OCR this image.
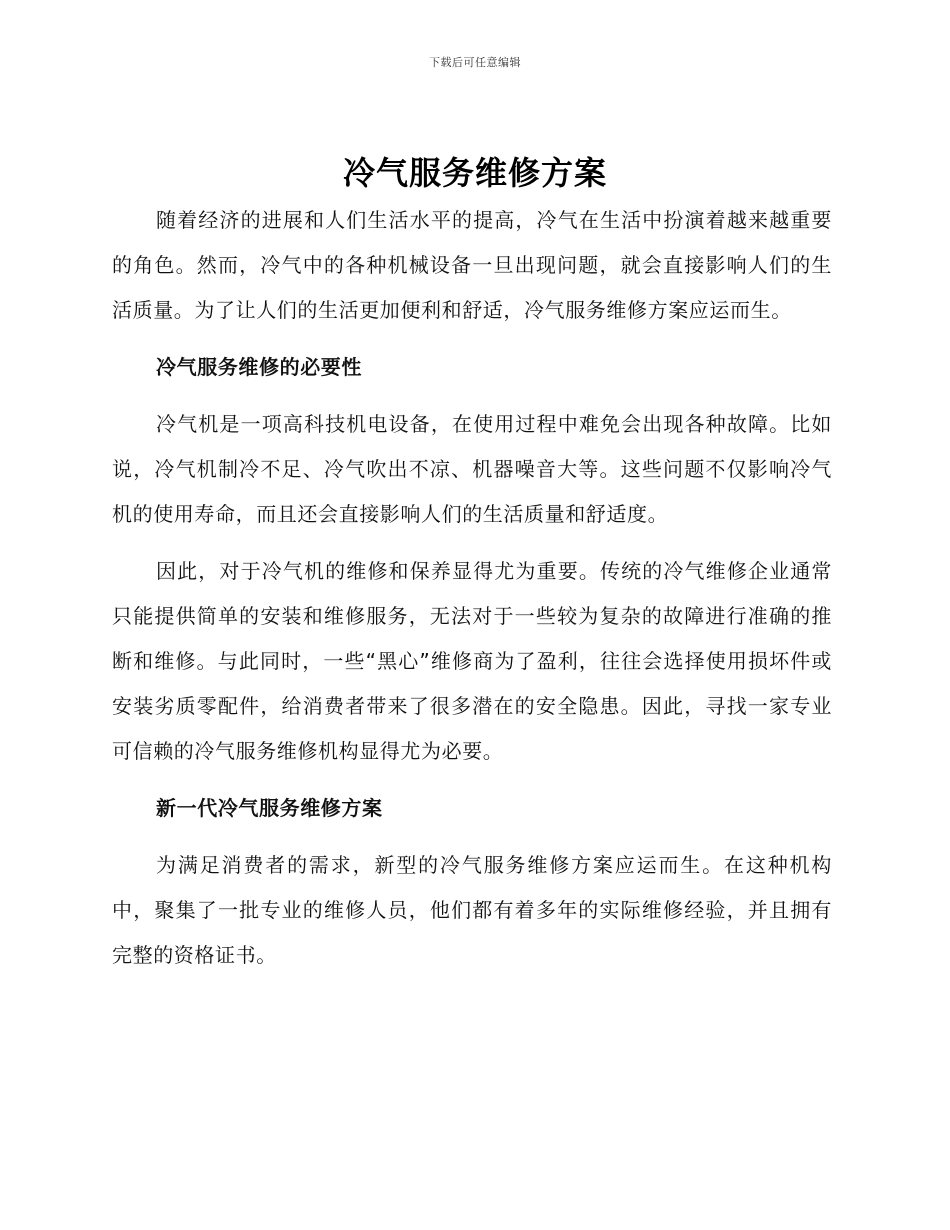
下载后可任意编辑
冷气服务维修方案

随着经济的进展和人们生活水平的提高，冷气在生活中扮演着越来越重要的角色。然而，冷气中的各种机械设备一旦出现问题，就会直接影响人们的生活质量。为了让人们的生活更加便利和舒适，冷气服务维修方案应运而生。

冷气服务维修的必要性

冷气机是一项高科技机电设备，在使用过程中难免会出现各种故障。比如说，冷气机制冷不足、冷气吹出不凉、机器噪音大等。这些问题不仅影响冷气机的使用寿命，而且还会直接影响人们的生活质量和舒适度。

因此，对于冷气机的维修和保养显得尤为重要。传统的冷气维修企业通常只能提供简单的安装和维修服务，无法对于一些较为复杂的故障进行准确的推断和维修。与此同时，一些“黑心”维修商为了盈利，往往会选择使用损坏件或安装劣质零配件，给消费者带来了很多潜在的安全隐患。因此，寻找一家专业可信赖的冷气服务维修机构显得尤为必要。

新一代冷气服务维修方案

为满足消费者的需求，新型的冷气服务维修方案应运而生。在这种机构中，聚集了一批专业的维修人员，他们都有着多年的实际维修经验，并且拥有完整的资格证书。
